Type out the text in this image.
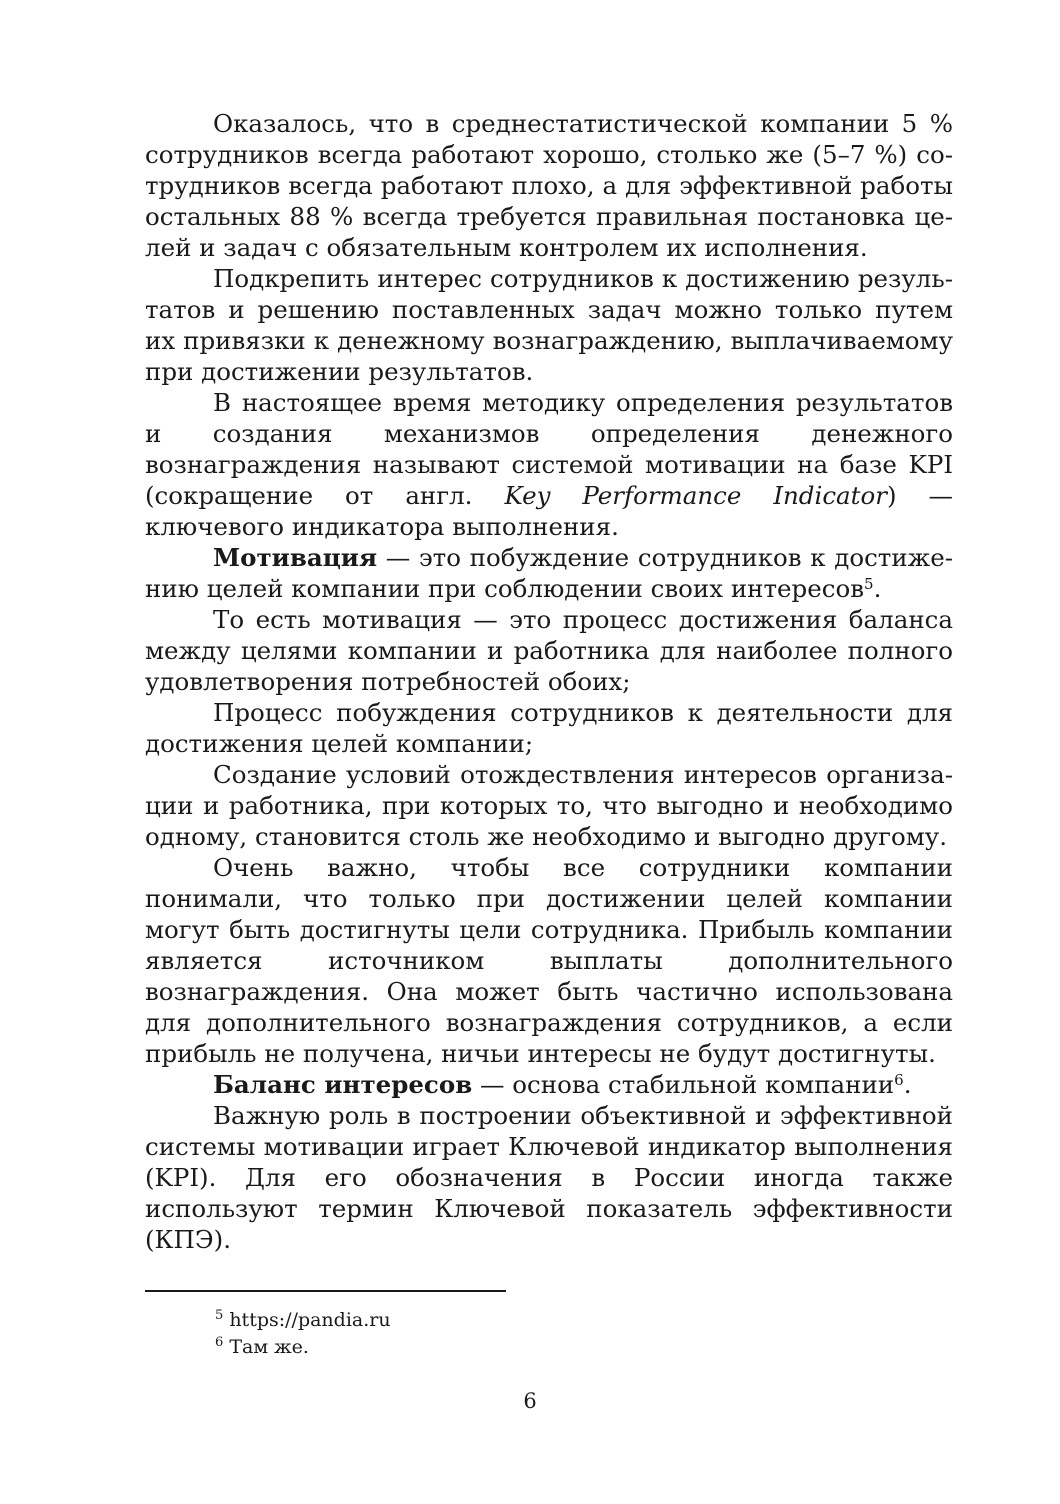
Оказалось, что в среднестатистической компании 5 % сотрудников всегда работают хорошо, столько же (5–7 %) сотрудников всегда работают плохо, а для эффективной работы остальных 88 % всегда требуется правильная постановка целей и задач с обязательным контролем их исполнения.

Подкрепить интерес сотрудников к достижению результатов и решению поставленных задач можно только путем их привязки к денежному вознаграждению, выплачиваемому при достижении результатов.

В настоящее время методику определения результатов и создания механизмов определения денежного вознаграждения называют системой мотивации на базе KPI (сокращение от англ. Key Performance Indicator) — ключевого индикатора выполнения.

Мотивация — это побуждение сотрудников к достижению целей компании при соблюдении своих интересов$^5$.

То есть мотивация — это процесс достижения баланса между целями компании и работника для наиболее полного удовлетворения потребностей обоих;

Процесс побуждения сотрудников к деятельности для достижения целей компании;

Создание условий отождествления интересов организации и работника, при которых то, что выгодно и необходимо одному, становится столь же необходимо и выгодно другому.

Очень важно, чтобы все сотрудники компании понимали, что только при достижении целей компании могут быть достигнуты цели сотрудника. Прибыль компании является источником выплаты дополнительного вознаграждения. Она может быть частично использована для дополнительного вознаграждения сотрудников, а если прибыль не получена, ничьи интересы не будут достигнуты.

Баланс интересов — основа стабильной компании$^6$.

Важную роль в построении объективной и эффективной системы мотивации играет Ключевой индикатор выполнения (KPI). Для его обозначения в России иногда также используют термин Ключевой показатель эффективности (КПЭ).

$^5$ https://pandia.ru

$^6$ Там же.

6
